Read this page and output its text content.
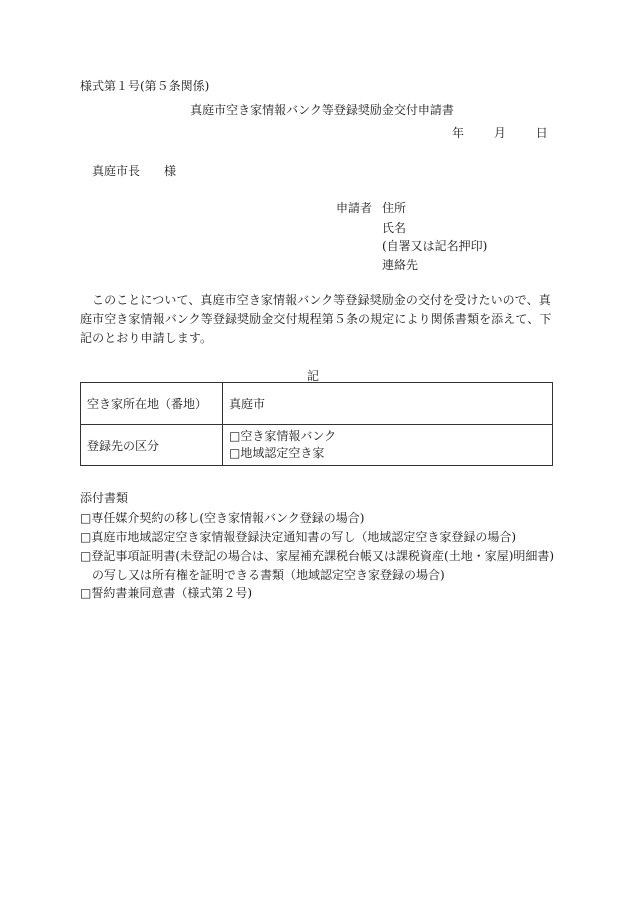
様式第１号(第５条関係)
真庭市空き家情報バンク等登録奨励金交付申請書
年 月 日
真庭市長 様
申請者 住所
氏名
(自署又は記名押印)
連絡先
このことについて、真庭市空き家情報バンク等登録奨励金の交付を受けたいので、真庭市空き家情報バンク等登録奨励金交付規程第５条の規定により関係書類を添えて、下記のとおり申請します。
記
空き家所在地（番地）	真庭市
登録先の区分	□空き家情報バンク
□地域認定空き家
添付書類
□専任媒介契約の移し(空き家情報バンク登録の場合)
□真庭市地域認定空き家情報登録決定通知書の写し（地域認定空き家登録の場合)
□登記事項証明書(未登記の場合は、家屋補充課税台帳又は課税資産(土地・家屋)明細書)
の写し又は所有権を証明できる書類（地域認定空き家登録の場合)
□誓約書兼同意書（様式第２号)
